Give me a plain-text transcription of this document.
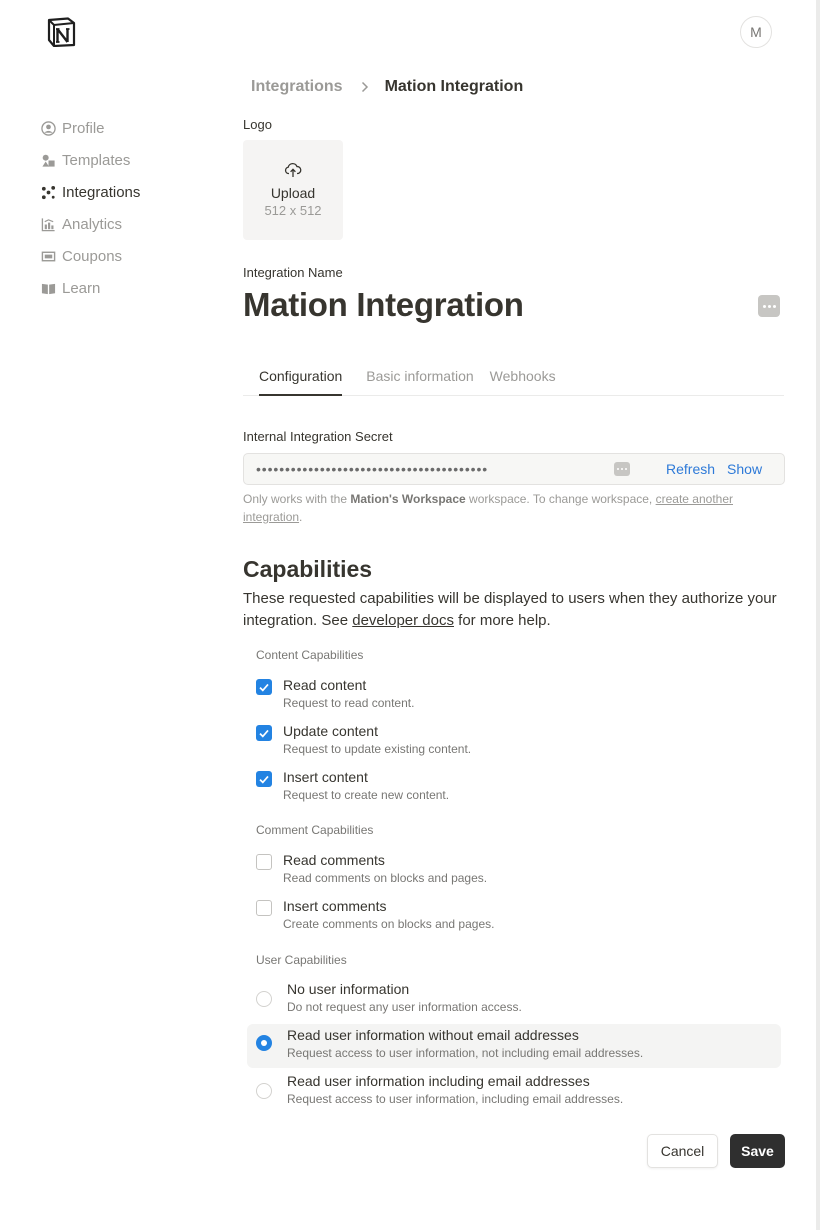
M
Profile
Templates
Integrations
Analytics
Coupons
Learn
Integrations	Mation Integration
Logo
Upload
512 x 512
Integration Name
Mation Integration
Configuration	Basic information	Webhooks
Internal Integration Secret
••••••••••••••••••••••••••••••••••••••••	Refresh Show
Only works with the Mation's Workspace workspace. To change workspace, create another integration.
Capabilities
These requested capabilities will be displayed to users when they authorize your integration. See developer docs for more help.
Content Capabilities
Read content
Request to read content.
Update content
Request to update existing content.
Insert content
Request to create new content.
Comment Capabilities
Read comments
Read comments on blocks and pages.
Insert comments
Create comments on blocks and pages.
User Capabilities
No user information
Do not request any user information access.
Read user information without email addresses
Request access to user information, not including email addresses.
Read user information including email addresses
Request access to user information, including email addresses.
Cancel	Save
